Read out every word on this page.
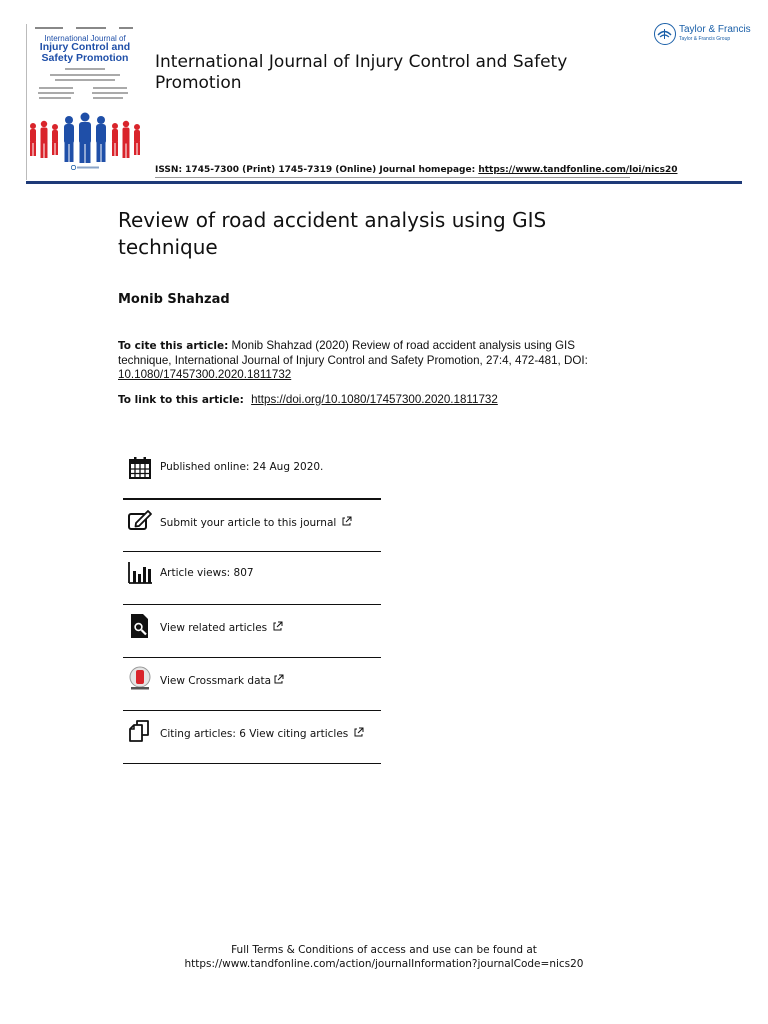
International Journal of
Injury Control and
Safety Promotion	International Journal of Injury Control and Safety Promotion
Taylor & Francis
Taylor & Francis Group
ISSN: 1745-7300 (Print) 1745-7319 (Online) Journal homepage: https://www.tandfonline.com/loi/nics20
Review of road accident analysis using GIS technique
Monib Shahzad
To cite this article: Monib Shahzad (2020) Review of road accident analysis using GIS technique, International Journal of Injury Control and Safety Promotion, 27:4, 472-481, DOI: 10.1080/17457300.2020.1811732
To link to this article: https://doi.org/10.1080/17457300.2020.1811732
Published online: 24 Aug 2020.
Submit your article to this journal
Article views: 807
View related articles
View Crossmark data
Citing articles: 6 View citing articles
Full Terms & Conditions of access and use can be found at
https://www.tandfonline.com/action/journalInformation?journalCode=nics20
